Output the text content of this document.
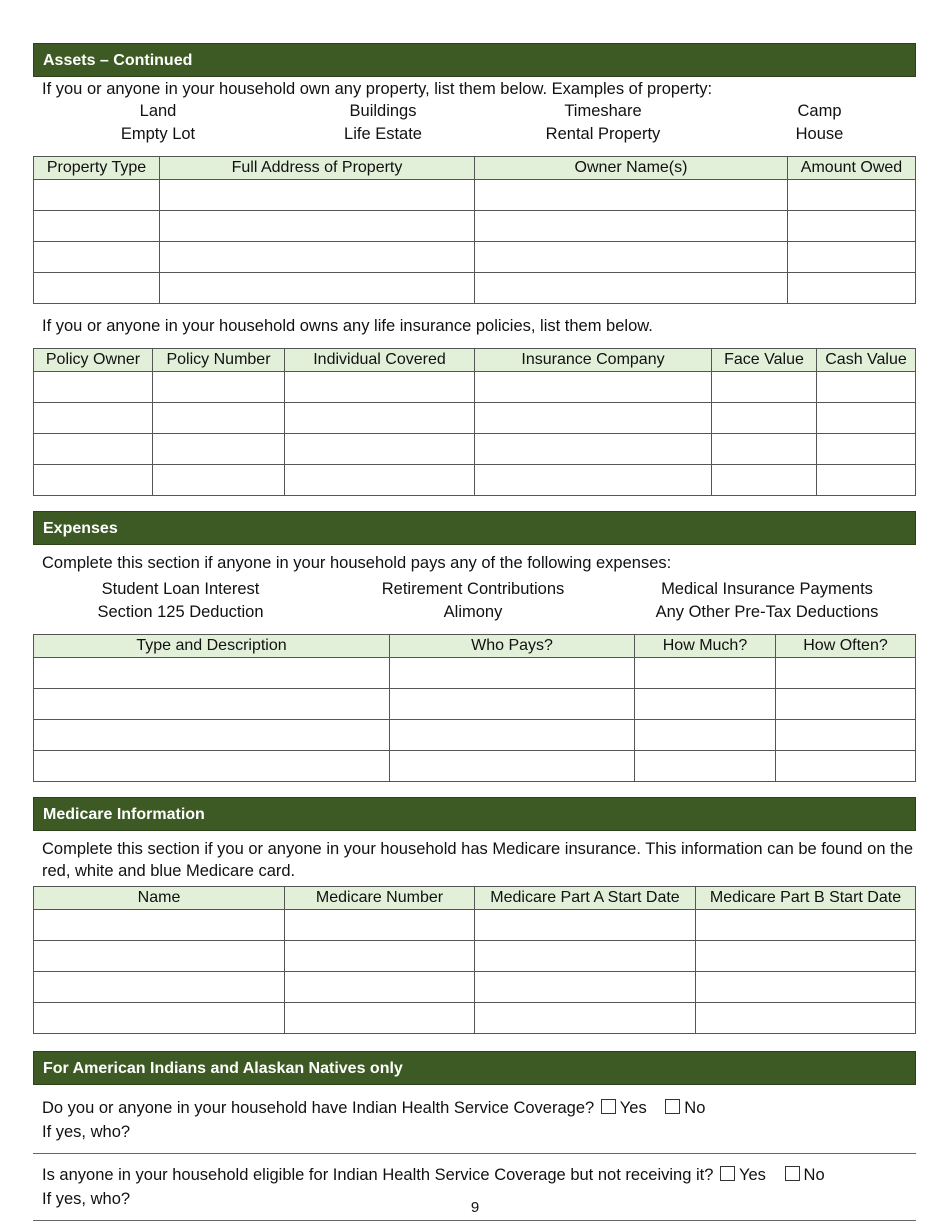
Assets – Continued
If you or anyone in your household own any property, list them below. Examples of property:
Land	Buildings	Timeshare	Camp
Empty Lot	Life Estate	Rental Property	House
Property Type	Full Address of Property	Owner Name(s)	Amount Owed

If you or anyone in your household owns any life insurance policies, list them below.
Policy Owner	Policy Number	Individual Covered	Insurance Company	Face Value	Cash Value

Expenses
Complete this section if anyone in your household pays any of the following expenses:
Student Loan Interest	Retirement Contributions	Medical Insurance Payments
Section 125 Deduction	Alimony	Any Other Pre-Tax Deductions
Type and Description	Who Pays?	How Much?	How Often?

Medicare Information
Complete this section if you or anyone in your household has Medicare insurance. This information can be found on the red, white and blue Medicare card.
Name	Medicare Number	Medicare Part A Start Date	Medicare Part B Start Date

For American Indians and Alaskan Natives only
Do you or anyone in your household have Indian Health Service Coverage? Yes No
If yes, who?
Is anyone in your household eligible for Indian Health Service Coverage but not receiving it? Yes No
If yes, who?	9
